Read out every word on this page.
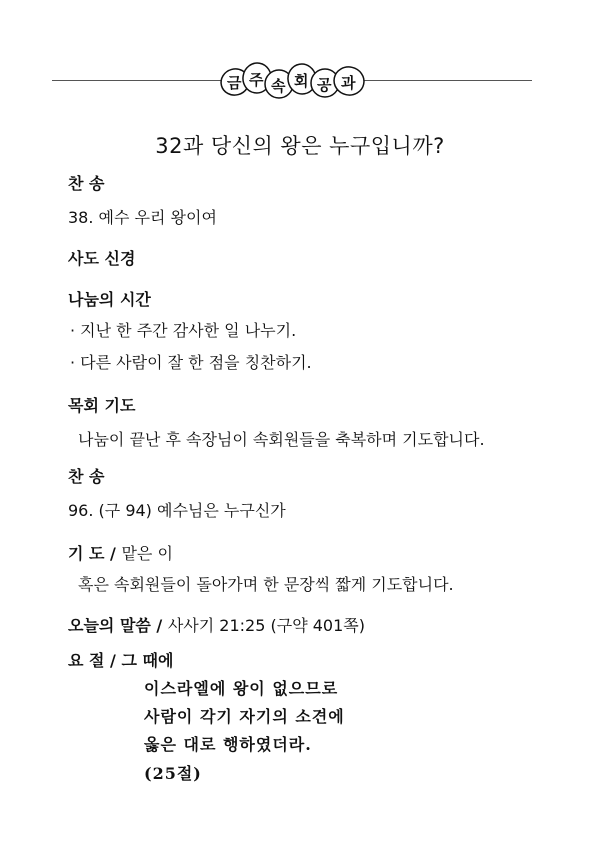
금 주 속 회 공 과
32과 당신의 왕은 누구입니까?
찬 송
38. 예수 우리 왕이여
사도 신경
나눔의 시간
· 지난 한 주간 감사한 일 나누기.
· 다른 사람이 잘 한 점을 칭찬하기.
목회 기도
나눔이 끝난 후 속장님이 속회원들을 축복하며 기도합니다.
찬 송
96. (구 94) 예수님은 누구신가
기 도 / 맡은 이
혹은 속회원들이 돌아가며 한 문장씩 짧게 기도합니다.
오늘의 말씀 / 사사기 21:25 (구약 401쪽)
요 절 / 그 때에
이스라엘에 왕이 없으므로
사람이 각기 자기의 소견에
옳은 대로 행하였더라.
(25절)
